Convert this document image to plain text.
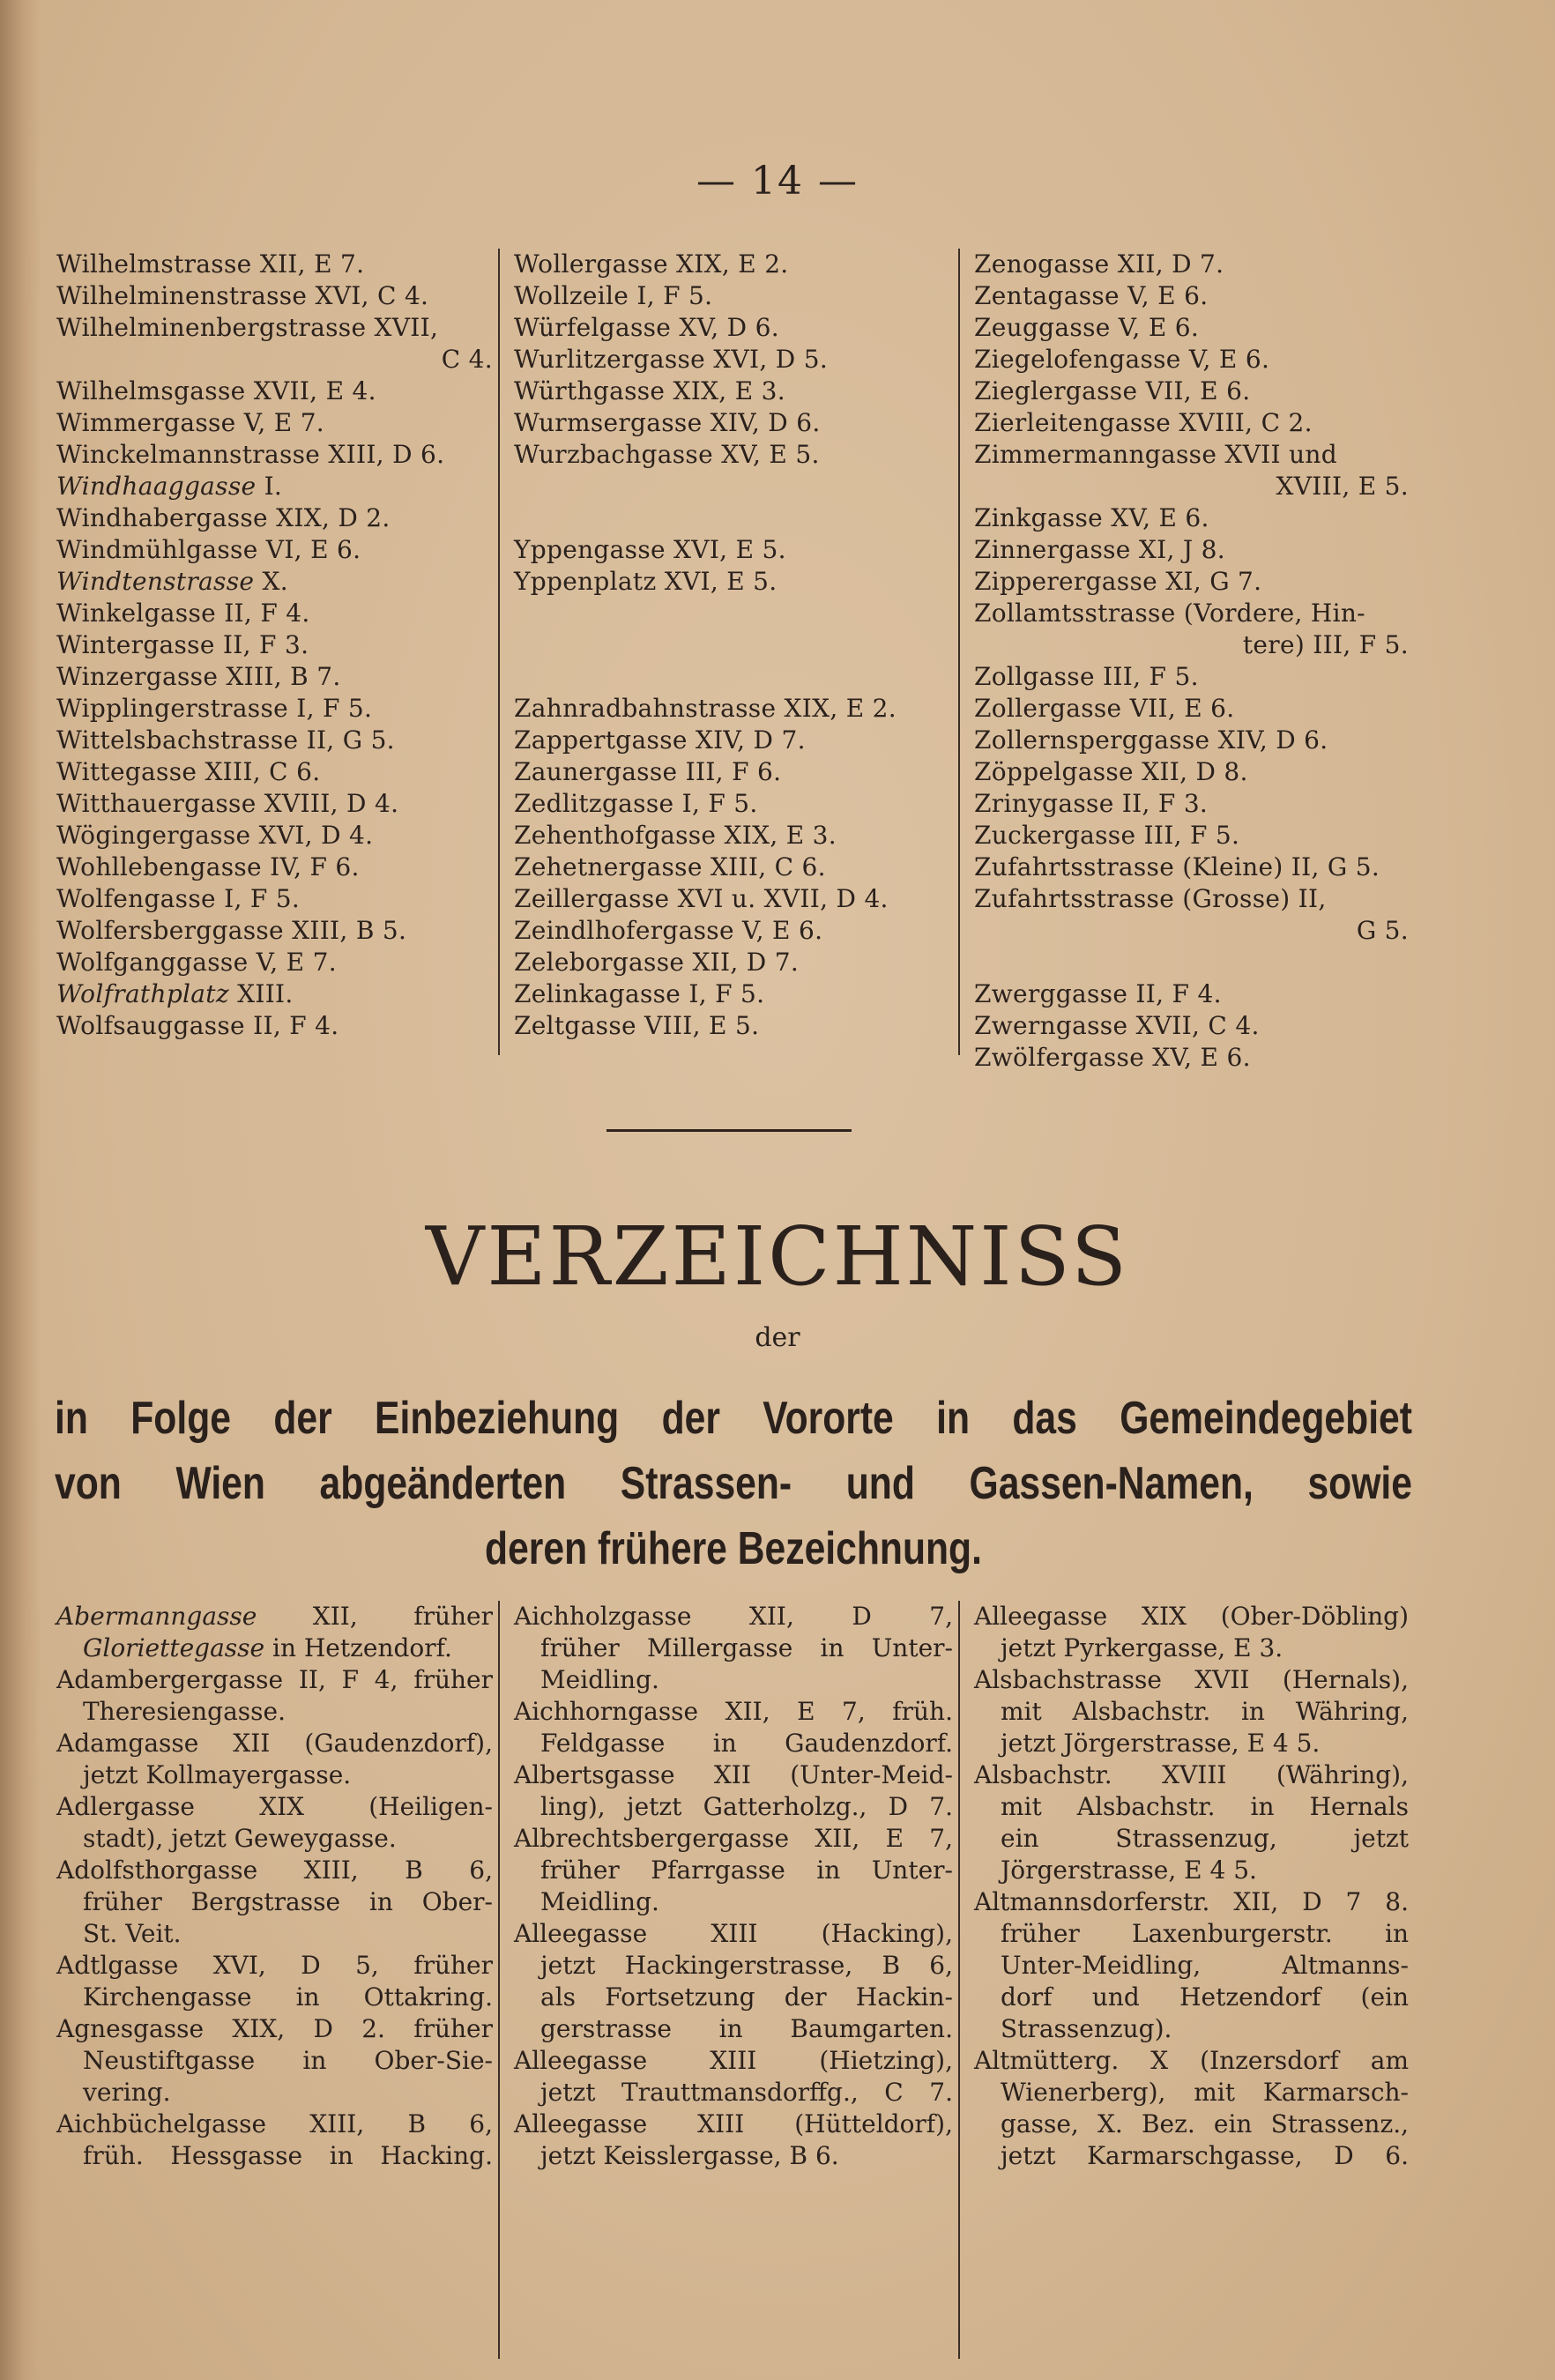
— 14 —
Wilhelmstrasse XII, E 7.
Wilhelminenstrasse XVI, C 4.
Wilhelminenbergstrasse XVII,
C 4.
Wilhelmsgasse XVII, E 4.
Wimmergasse V, E 7.
Winckelmannstrasse XIII, D 6.
Windhaaggasse I.
Windhabergasse XIX, D 2.
Windmühlgasse VI, E 6.
Windtenstrasse X.
Winkelgasse II, F 4.
Wintergasse II, F 3.
Winzergasse XIII, B 7.
Wipplingerstrasse I, F 5.
Wittelsbachstrasse II, G 5.
Wittegasse XIII, C 6.
Witthauergasse XVIII, D 4.
Wögingergasse XVI, D 4.
Wohllebengasse IV, F 6.
Wolfengasse I, F 5.
Wolfersberggasse XIII, B 5.
Wolfganggasse V, E 7.
Wolfrathplatz XIII.
Wolfsauggasse II, F 4.
Wollergasse XIX, E 2.
Wollzeile I, F 5.
Würfelgasse XV, D 6.
Wurlitzergasse XVI, D 5.
Würthgasse XIX, E 3.
Wurmsergasse XIV, D 6.
Wurzbachgasse XV, E 5.

Yppengasse XVI, E 5.
Yppenplatz XVI, E 5.

Zahnradbahnstrasse XIX, E 2.
Zappertgasse XIV, D 7.
Zaunergasse III, F 6.
Zedlitzgasse I, F 5.
Zehenthofgasse XIX, E 3.
Zehetnergasse XIII, C 6.
Zeillergasse XVI u. XVII, D 4.
Zeindlhofergasse V, E 6.
Zeleborgasse XII, D 7.
Zelinkagasse I, F 5.
Zeltgasse VIII, E 5.
Zenogasse XII, D 7.
Zentagasse V, E 6.
Zeuggasse V, E 6.
Ziegelofengasse V, E 6.
Zieglergasse VII, E 6.
Zierleitengasse XVIII, C 2.
Zimmermanngasse XVII und
XVIII, E 5.
Zinkgasse XV, E 6.
Zinnergasse XI, J 8.
Zipperergasse XI, G 7.
Zollamtsstrasse (Vordere, Hin-
tere) III, F 5.
Zollgasse III, F 5.
Zollergasse VII, E 6.
Zollernsperggasse XIV, D 6.
Zöppelgasse XII, D 8.
Zrinygasse II, F 3.
Zuckergasse III, F 5.
Zufahrtsstrasse (Kleine) II, G 5.
Zufahrtsstrasse (Grosse) II,
G 5.

Zwerggasse II, F 4.
Zwerngasse XVII, C 4.
Zwölfergasse XV, E 6.
VERZEICHNISS
der
in Folge der Einbeziehung der Vororte in das Gemeindegebiet
von Wien abgeänderten Strassen- und Gassen-Namen, sowie
deren frühere Bezeichnung.
Abermanngasse XII, früher
Gloriettegasse in Hetzendorf.
Adambergergasse II, F 4, früher
Theresiengasse.
Adamgasse XII (Gaudenzdorf),
jetzt Kollmayergasse.
Adlergasse XIX (Heiligen-
stadt), jetzt Geweygasse.
Adolfsthorgasse XIII, B 6,
früher Bergstrasse in Ober-
St. Veit.
Adtlgasse XVI, D 5, früher
Kirchengasse in Ottakring.
Agnesgasse XIX, D 2. früher
Neustiftgasse in Ober-Sie-
vering.
Aichbüchelgasse XIII, B 6,
früh. Hessgasse in Hacking.
Aichholzgasse XII, D 7,
früher Millergasse in Unter-
Meidling.
Aichhorngasse XII, E 7, früh.
Feldgasse in Gaudenzdorf.
Albertsgasse XII (Unter-Meid-
ling), jetzt Gatterholzg., D 7.
Albrechtsbergergasse XII, E 7,
früher Pfarrgasse in Unter-
Meidling.
Alleegasse XIII (Hacking),
jetzt Hackingerstrasse, B 6,
als Fortsetzung der Hackin-
gerstrasse in Baumgarten.
Alleegasse XIII (Hietzing),
jetzt Trauttmansdorffg., C 7.
Alleegasse XIII (Hütteldorf),
jetzt Keisslergasse, B 6.
Alleegasse XIX (Ober-Döbling)
jetzt Pyrkergasse, E 3.
Alsbachstrasse XVII (Hernals),
mit Alsbachstr. in Währing,
jetzt Jörgerstrasse, E 4 5.
Alsbachstr. XVIII (Währing),
mit Alsbachstr. in Hernals
ein Strassenzug, jetzt
Jörgerstrasse, E 4 5.
Altmannsdorferstr. XII, D 7 8.
früher Laxenburgerstr. in
Unter-Meidling, Altmanns-
dorf und Hetzendorf (ein
Strassenzug).
Altmütterg. X (Inzersdorf am
Wienerberg), mit Karmarsch-
gasse, X. Bez. ein Strassenz.,
jetzt Karmarschgasse, D 6.
